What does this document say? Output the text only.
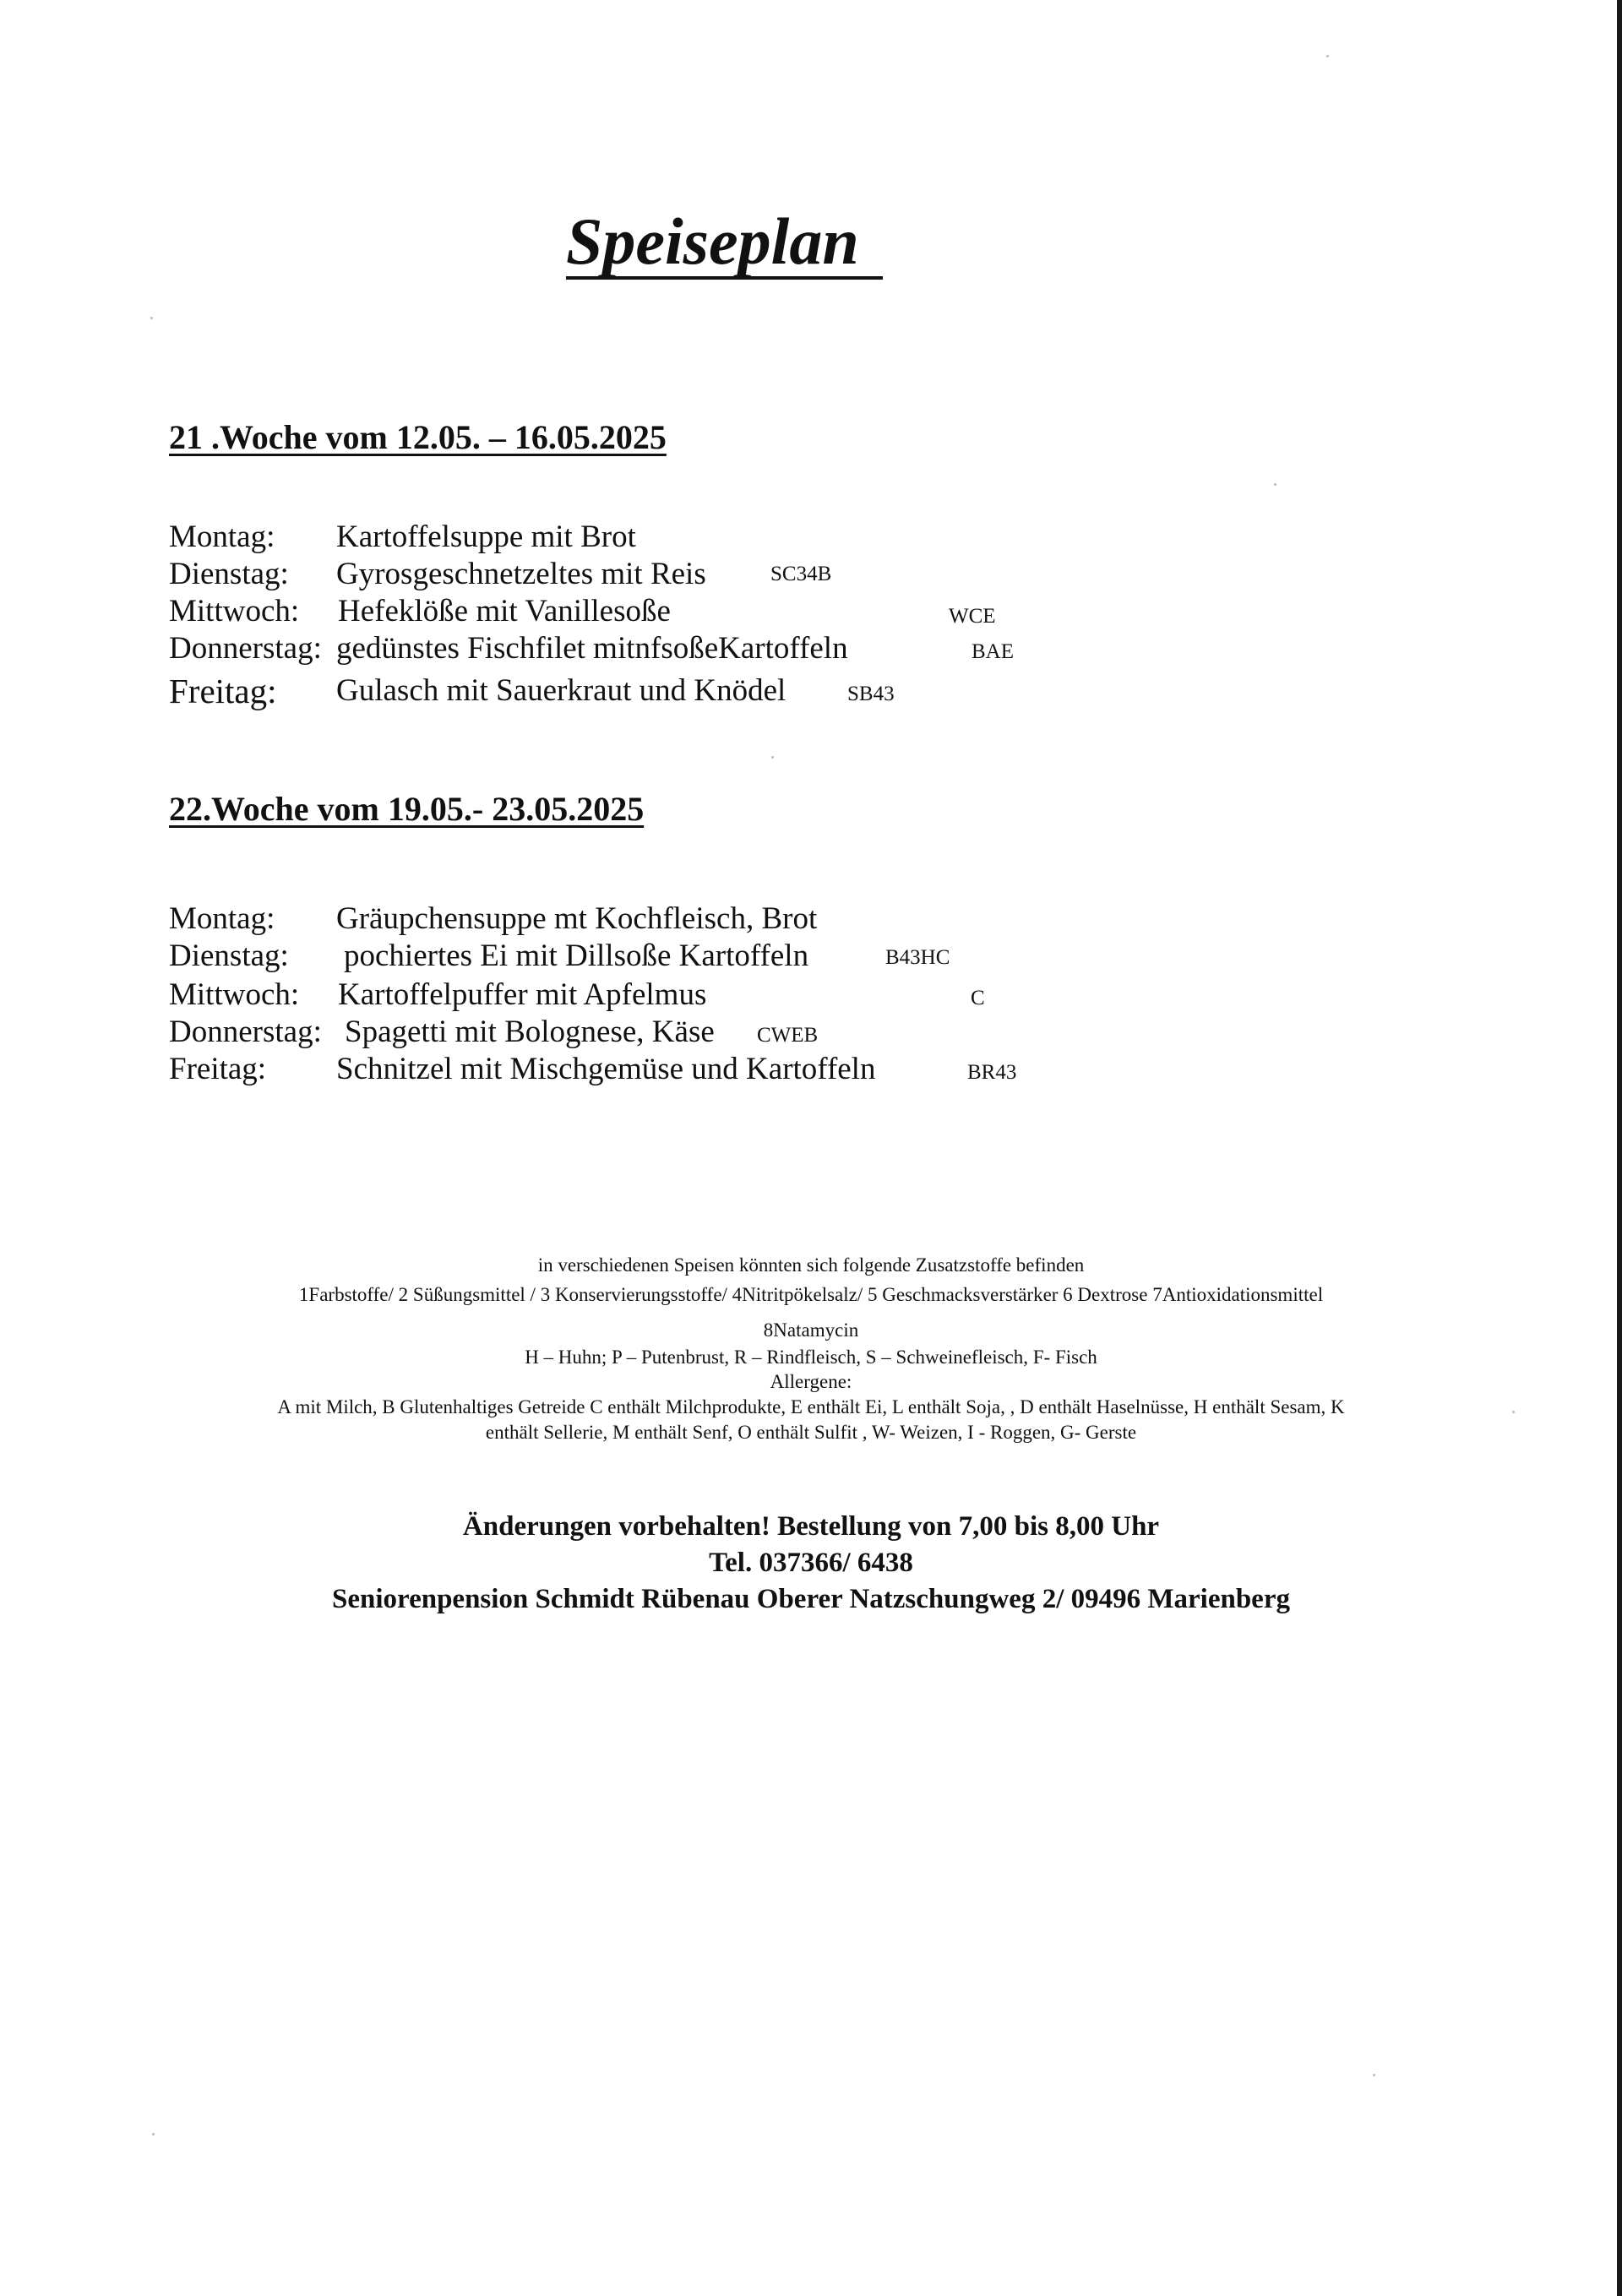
Speiseplan
21 .Woche vom 12.05. – 16.05.2025
Montag: Kartoffelsuppe mit Brot
Dienstag: Gyrosgeschnetzeltes mit Reis	SC34B
Mittwoch: Hefeklöße mit Vanillesoße	WCE
Donnerstag: gedünstes Fischfilet mitnfsoßeKartoffeln	BAE
Freitag: Gulasch mit Sauerkraut und Knödel	SB43
22.Woche vom 19.05.- 23.05.2025
Montag: Gräupchensuppe mt Kochfleisch, Brot
Dienstag: pochiertes Ei mit Dillsoße Kartoffeln	B43HC
Mittwoch: Kartoffelpuffer mit Apfelmus	C
Donnerstag: Spagetti mit Bolognese, Käse CWEB
Freitag: Schnitzel mit Mischgemüse und Kartoffeln	BR43
in verschiedenen Speisen könnten sich folgende Zusatzstoffe befinden
1Farbstoffe/ 2 Süßungsmittel / 3 Konservierungsstoffe/ 4Nitritpökelsalz/ 5 Geschmacksverstärker 6 Dextrose 7Antioxidationsmittel
8Natamycin
H – Huhn; P – Putenbrust, R – Rindfleisch, S – Schweinefleisch, F- Fisch
Allergene:
A mit Milch, B Glutenhaltiges Getreide C enthält Milchprodukte, E enthält Ei, L enthält Soja, , D enthält Haselnüsse, H enthält Sesam, K
enthält Sellerie, M enthält Senf, O enthält Sulfit , W- Weizen, I - Roggen, G- Gerste
Änderungen vorbehalten! Bestellung von 7,00 bis 8,00 Uhr
Tel. 037366/ 6438
Seniorenpension Schmidt Rübenau Oberer Natzschungweg 2/ 09496 Marienberg
